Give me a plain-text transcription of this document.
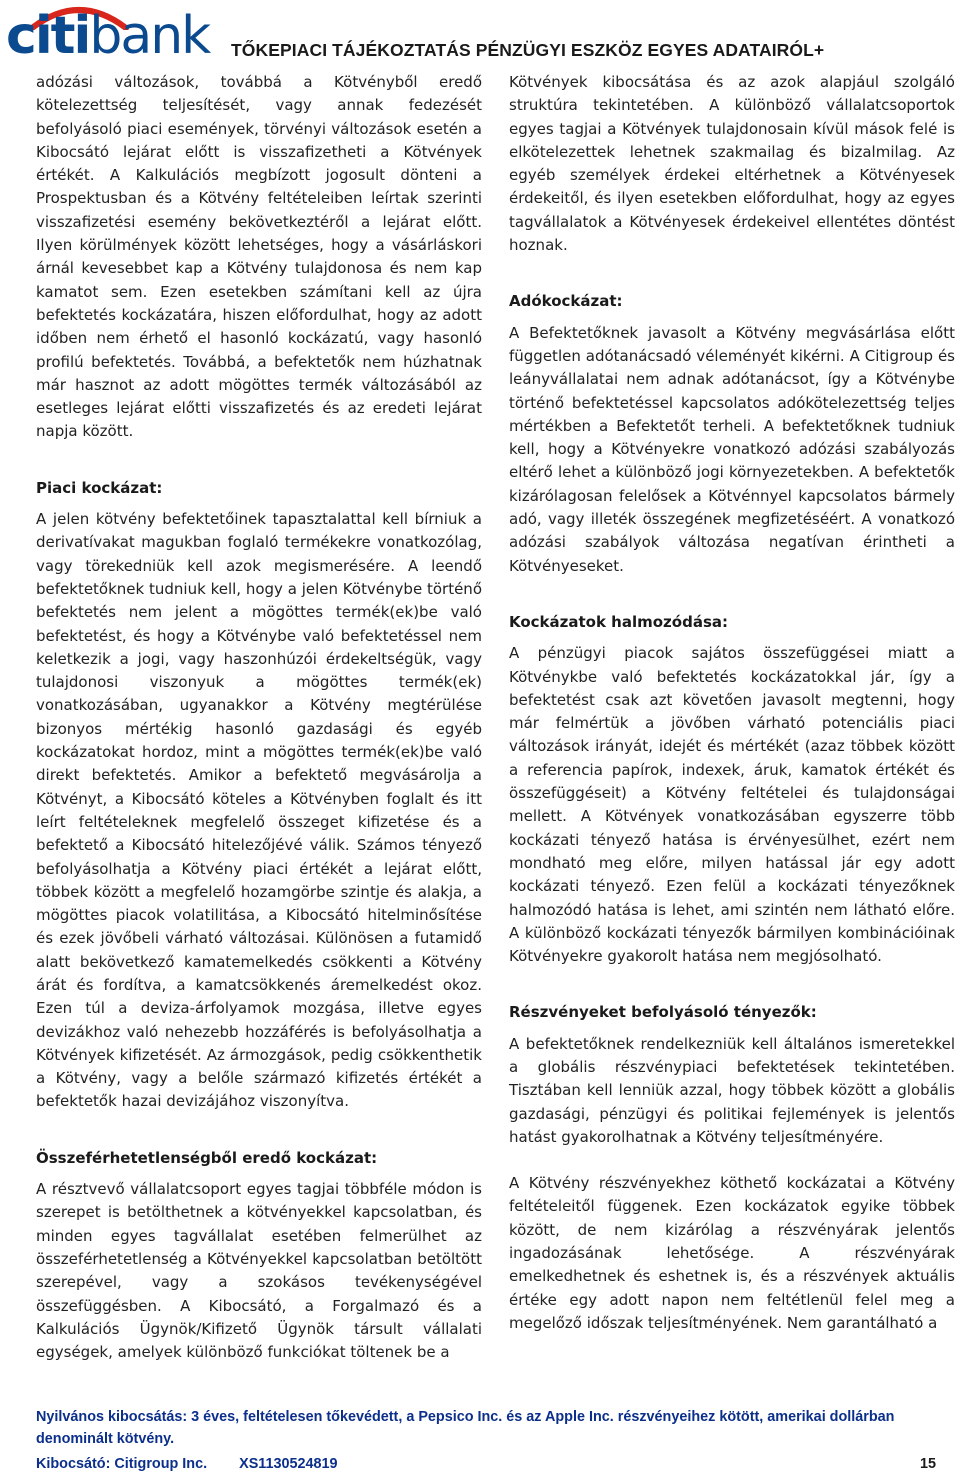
citibank TŐKEPIACI TÁJÉKOZTATÁS PÉNZÜGYI ESZKÖZ EGYES ADATAIRÓL+

adózási változások, továbbá a Kötvényből eredő kötelezettség teljesítését, vagy annak fedezését befolyásoló piaci események, törvényi változások esetén a Kibocsátó lejárat előtt is visszafizetheti a Kötvények értékét. A Kalkulációs megbízott jogosult dönteni a Prospektusban és a Kötvény feltételeiben leírtak szerinti visszafizetési esemény bekövetkeztéről a lejárat előtt. Ilyen körülmények között lehetséges, hogy a vásárláskori árnál kevesebbet kap a Kötvény tulajdonosa és nem kap kamatot sem. Ezen esetekben számítani kell az újra befektetés kockázatára, hiszen előfordulhat, hogy az adott időben nem érhető el hasonló kockázatú, vagy hasonló profilú befektetés. Továbbá, a befektetők nem húzhatnak már hasznot az adott mögöttes termék változásából az esetleges lejárat előtti visszafizetés és az eredeti lejárat napja között.

Piaci kockázat:

A jelen kötvény befektetőinek tapasztalattal kell bírniuk a derivatívakat magukban foglaló termékekre vonatkozólag, vagy törekedniük kell azok megismerésére. A leendő befektetőknek tudniuk kell, hogy a jelen Kötvénybe történő befektetés nem jelent a mögöttes termék(ek)be való befektetést, és hogy a Kötvénybe való befektetéssel nem keletkezik a jogi, vagy haszonhúzói érdekeltségük, vagy tulajdonosi viszonyuk a mögöttes termék(ek) vonatkozásában, ugyanakkor a Kötvény megtérülése bizonyos mértékig hasonló gazdasági és egyéb kockázatokat hordoz, mint a mögöttes termék(ek)be való direkt befektetés. Amikor a befektető megvásárolja a Kötvényt, a Kibocsátó köteles a Kötvényben foglalt és itt leírt feltételeknek megfelelő összeget kifizetése és a befektető a Kibocsátó hitelezőjévé válik. Számos tényező befolyásolhatja a Kötvény piaci értékét a lejárat előtt, többek között a megfelelő hozamgörbe szintje és alakja, a mögöttes piacok volatilitása, a Kibocsátó hitelminősítése és ezek jövőbeli várható változásai. Különösen a futamidő alatt bekövetkező kamatemelkedés csökkenti a Kötvény árát és fordítva, a kamatcsökkenés áremelkedést okoz. Ezen túl a deviza-árfolyamok mozgása, illetve egyes devizákhoz való nehezebb hozzáférés is befolyásolhatja a Kötvények kifizetését. Az ármozgások, pedig csökkenthetik a Kötvény, vagy a belőle származó kifizetés értékét a befektetők hazai devizájához viszonyítva.

Összeférhetetlenségből eredő kockázat:

A résztvevő vállalatcsoport egyes tagjai többféle módon is szerepet is betölthetnek a kötvényekkel kapcsolatban, és minden egyes tagvállalat esetében felmerülhet az összeférhetetlenség a Kötvényekkel kapcsolatban betöltött szerepével, vagy a szokásos tevékenységével összefüggésben. A Kibocsátó, a Forgalmazó és a Kalkulációs Ügynök/Kifizető Ügynök társult vállalati egységek, amelyek különböző funkciókat töltenek be a

Kötvények kibocsátása és az azok alapjául szolgáló struktúra tekintetében. A különböző vállalatcsoportok egyes tagjai a Kötvények tulajdonosain kívül mások felé is elkötelezettek lehetnek szakmailag és bizalmilag. Az egyéb személyek érdekei eltérhetnek a Kötvényesek érdekeitől, és ilyen esetekben előfordulhat, hogy az egyes tagvállalatok a Kötvényesek érdekeivel ellentétes döntést hoznak.

Adókockázat:

A Befektetőknek javasolt a Kötvény megvásárlása előtt független adótanácsadó véleményét kikérni. A Citigroup és leányvállalatai nem adnak adótanácsot, így a Kötvénybe történő befektetéssel kapcsolatos adókötelezettség teljes mértékben a Befektetőt terheli. A befektetőknek tudniuk kell, hogy a Kötvényekre vonatkozó adózási szabályozás eltérő lehet a különböző jogi környezetekben. A befektetők kizárólagosan felelősek a Kötvénnyel kapcsolatos bármely adó, vagy illeték összegének megfizetéséért. A vonatkozó adózási szabályok változása negatívan érintheti a Kötvényeseket.

Kockázatok halmozódása:

A pénzügyi piacok sajátos összefüggései miatt a Kötvénykbe való befektetés kockázatokkal jár, így a befektetést csak azt követően javasolt megtenni, hogy már felmértük a jövőben várható potenciális piaci változások irányát, idejét és mértékét (azaz többek között a referencia papírok, indexek, áruk, kamatok értékét és összefüggéseit) a Kötvény feltételei és tulajdonságai mellett. A Kötvények vonatkozásában egyszerre több kockázati tényező hatása is érvényesülhet, ezért nem mondható meg előre, milyen hatással jár egy adott kockázati tényező. Ezen felül a kockázati tényezőknek halmozódó hatása is lehet, ami szintén nem látható előre. A különböző kockázati tényezők bármilyen kombinációinak Kötvényekre gyakorolt hatása nem megjósolható.

Részvényeket befolyásoló tényezők:

A befektetőknek rendelkezniük kell általános ismeretekkel a globális részvénypiaci befektetések tekintetében. Tisztában kell lenniük azzal, hogy többek között a globális gazdasági, pénzügyi és politikai fejlemények is jelentős hatást gyakorolhatnak a Kötvény teljesítményére.

A Kötvény részvényekhez köthető kockázatai a Kötvény feltételeitől függenek. Ezen kockázatok egyike többek között, de nem kizárólag a részvényárak jelentős ingadozásának lehetősége. A részvényárak emelkedhetnek és eshetnek is, és a részvények aktuális értéke egy adott napon nem feltétlenül felel meg a megelőző időszak teljesítményének. Nem garantálható a

Nyilvános kibocsátás: 3 éves, feltételesen tőkevédett, a Pepsico Inc. és az Apple Inc. részvényeihez kötött, amerikai dollárban denominált kötvény.
Kibocsátó: Citigroup Inc. XS1130524819	15
